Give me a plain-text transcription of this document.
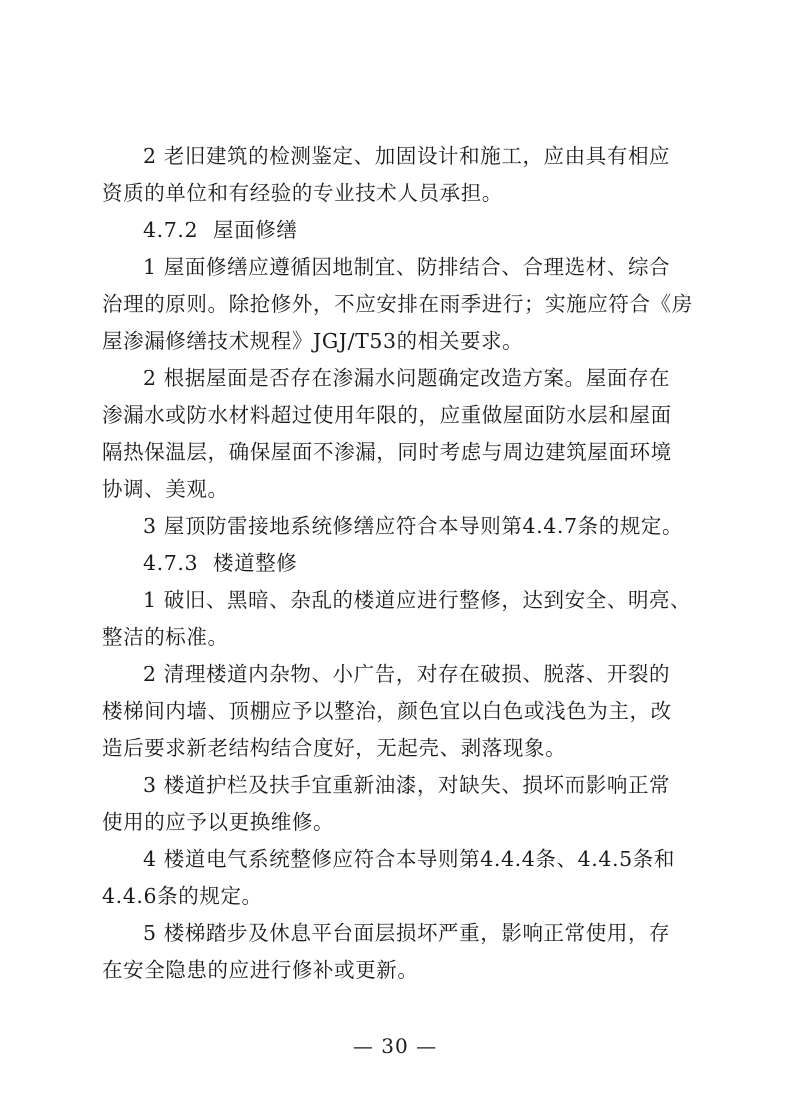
2 老旧建筑的检测鉴定、加固设计和施工，应由具有相应
资质的单位和有经验的专业技术人员承担。

4.7.2 屋面修缮

1 屋面修缮应遵循因地制宜、防排结合、合理选材、综合
治理的原则。除抢修外，不应安排在雨季进行；实施应符合《房
屋渗漏修缮技术规程》JGJ/T53的相关要求。

2 根据屋面是否存在渗漏水问题确定改造方案。屋面存在
渗漏水或防水材料超过使用年限的，应重做屋面防水层和屋面
隔热保温层，确保屋面不渗漏，同时考虑与周边建筑屋面环境
协调、美观。

3 屋顶防雷接地系统修缮应符合本导则第4.4.7条的规定。

4.7.3 楼道整修

1 破旧、黑暗、杂乱的楼道应进行整修，达到安全、明亮、
整洁的标准。

2 清理楼道内杂物、小广告，对存在破损、脱落、开裂的
楼梯间内墙、顶棚应予以整治，颜色宜以白色或浅色为主，改
造后要求新老结构结合度好，无起壳、剥落现象。

3 楼道护栏及扶手宜重新油漆，对缺失、损坏而影响正常
使用的应予以更换维修。

4 楼道电气系统整修应符合本导则第4.4.4条、4.4.5条和
4.4.6条的规定。

5 楼梯踏步及休息平台面层损坏严重，影响正常使用，存
在安全隐患的应进行修补或更新。

— 30 —
